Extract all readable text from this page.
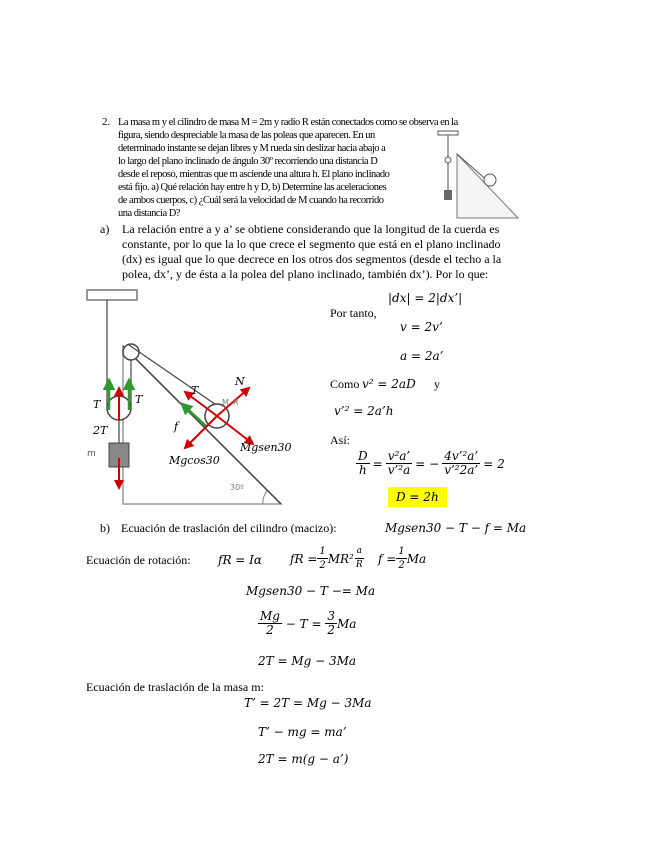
2. La masa m y el cilindro de masa M = 2m y radio R están conectados como se observa en la
figura, siendo despreciable la masa de las poleas que aparecen. En un
determinado instante se dejan libres y M rueda sin deslizar hacia abajo a
lo largo del plano inclinado de ángulo 30º recorriendo una distancia D
desde el reposo, mientras que m asciende una altura h. El plano inclinado
está fijo. a) Qué relación hay entre h y D, b) Determine las aceleraciones
de ambos cuerpos, c) ¿Cuál será la velocidad de M cuando ha recorrido
una distancia D?
a) La relación entre a y a’ se obtiene considerando que la longitud de la cuerda es
constante, por lo que la lo que crece el segmento que está en el plano inclinado
(dx) es igual que lo que decrece en los otros dos segmentos (desde el techo a la
polea, dx’, y de ésta a la polea del plano inclinado, también dx’). Por lo que:
T	T
2T
m
T
N
f
M R
Mgsen30
Mgcos30
30º
|dx| = 2|dx’|
Por tanto,
v = 2v’
a = 2a’
Como v² = 2aD y
v’² = 2a’h
Así:
$\frac{D}{h} = \frac{\text{v²a’}}{\text{v’²a}}$ = − $\frac{\text{4v’²a’}}{\text{v’²2a’}} = 2$
D = 2h
b) Ecuación de traslación del cilindro (macizo):	Mgsen30 − T − f = Ma
Ecuación de rotación: fR = Iα fR = $\frac{1}{2} MR^2 \frac{a}{R}$ $f = \frac{1}{2}$ Ma
Mgsen30 − T −= Ma
$\frac{Mg}{2} - T = \frac{3}{2}$ Ma
2T = Mg − 3Ma
Ecuación de traslación de la masa m:
T’ = 2T = Mg − 3Ma
T’ − mg = ma’
2T = m(g − a’)
